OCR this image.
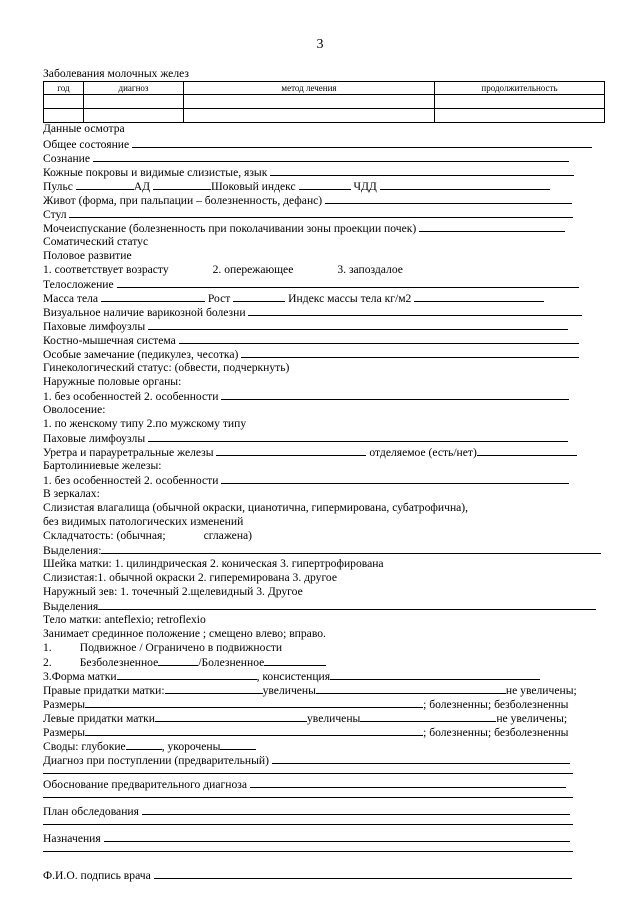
3
Заболевания молочных желез
год	диагноз	метод лечения	продолжительность

Данные осмотра
Общее состояние
Сознание
Кожные покровы и видимые слизистые, язык
Пульс	АД	Шоковый индекс	ЧДД
Живот (форма, при пальпации – болезненность, дефанс)
Стул
Мочеиспускание (болезненность при поколачивании зоны проекции почек)
Соматический статус
Половое развитие
1. соответствует возрасту	2. опережающее	3. запоздалое
Телосложение
Масса тела	Рост	Индекс массы тела кг/м2
Визуальное наличие варикозной болезни
Паховые лимфоузлы
Костно-мышечная система
Особые замечание (педикулез, чесотка)
Гинекологический статус: (обвести, подчеркнуть)
Наружные половые органы:
1. без особенностей 2. особенности
Оволосение:
1. по женскому типу 2.по мужскому типу
Паховые лимфоузлы
Уретра и парауретральные железы	отделяемое (есть/нет)
Бартолиниевые железы:
1. без особенностей 2. особенности
В зеркалах:
Слизистая влагалища (обычной окраски, цианотична, гипермирована, субатрофична),
без видимых патологических изменений
Складчатость: (обычная;	сглажена)
Выделения:
Шейка матки: 1. цилиндрическая 2. коническая 3. гипертрофирована
Слизистая:1. обычной окраски 2. гиперемирована 3. другое
Наружный зев: 1. точечный 2.щелевидный 3. Другое
Выделения
Тело матки: anteflexio; retroflexio
Занимает срединное положение ; смещено влево; вправо.
1. Подвижное / Ограничено в подвижности
2. Безболезненное	/Болезненное
3.Форма матки	, консистенция
Правые придатки матки:	увеличены	не увеличены;
Размеры	; болезненны; безболезненны
Левые придатки матки	увеличены	не увеличены;
Размеры	; болезненны; безболезненны
Своды: глубокие	, укорочены
Диагноз при поступлении (предварительный)
Обоснование предварительного диагноза
План обследования
Назначения
Ф.И.О. подпись врача
